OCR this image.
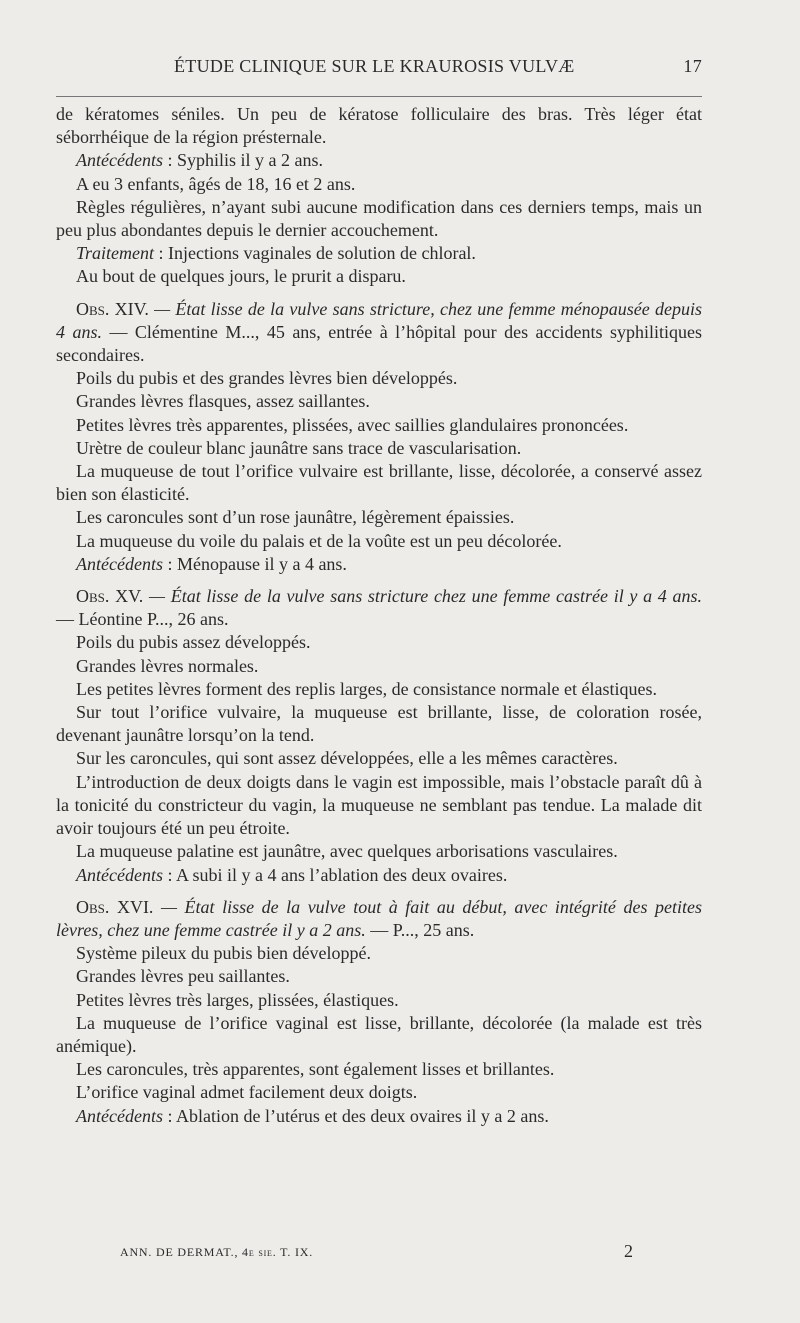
ÉTUDE CLINIQUE SUR LE KRAUROSIS VULVÆ	17

de kératomes séniles. Un peu de kératose folliculaire des bras. Très léger état séborrhéique de la région présternale.

Antécédents : Syphilis il y a 2 ans.

A eu 3 enfants, âgés de 18, 16 et 2 ans.

Règles régulières, n’ayant subi aucune modification dans ces derniers temps, mais un peu plus abondantes depuis le dernier accouchement.

Traitement : Injections vaginales de solution de chloral.

Au bout de quelques jours, le prurit a disparu.

Obs. XIV. — État lisse de la vulve sans stricture, chez une femme ménopausée depuis 4 ans. — Clémentine M..., 45 ans, entrée à l’hôpital pour des accidents syphilitiques secondaires.

Poils du pubis et des grandes lèvres bien développés.

Grandes lèvres flasques, assez saillantes.

Petites lèvres très apparentes, plissées, avec saillies glandulaires prononcées.

Urètre de couleur blanc jaunâtre sans trace de vascularisation.

La muqueuse de tout l’orifice vulvaire est brillante, lisse, décolorée, a conservé assez bien son élasticité.

Les caroncules sont d’un rose jaunâtre, légèrement épaissies.

La muqueuse du voile du palais et de la voûte est un peu décolorée.

Antécédents : Ménopause il y a 4 ans.

Obs. XV. — État lisse de la vulve sans stricture chez une femme castrée il y a 4 ans. — Léontine P..., 26 ans.

Poils du pubis assez développés.

Grandes lèvres normales.

Les petites lèvres forment des replis larges, de consistance normale et élastiques.

Sur tout l’orifice vulvaire, la muqueuse est brillante, lisse, de coloration rosée, devenant jaunâtre lorsqu’on la tend.

Sur les caroncules, qui sont assez développées, elle a les mêmes caractères.

L’introduction de deux doigts dans le vagin est impossible, mais l’obstacle paraît dû à la tonicité du constricteur du vagin, la muqueuse ne semblant pas tendue. La malade dit avoir toujours été un peu étroite.

La muqueuse palatine est jaunâtre, avec quelques arborisations vasculaires.

Antécédents : A subi il y a 4 ans l’ablation des deux ovaires.

Obs. XVI. — État lisse de la vulve tout à fait au début, avec intégrité des petites lèvres, chez une femme castrée il y a 2 ans. — P..., 25 ans.

Système pileux du pubis bien développé.

Grandes lèvres peu saillantes.

Petites lèvres très larges, plissées, élastiques.

La muqueuse de l’orifice vaginal est lisse, brillante, décolorée (la malade est très anémique).

Les caroncules, très apparentes, sont également lisses et brillantes.

L’orifice vaginal admet facilement deux doigts.

Antécédents : Ablation de l’utérus et des deux ovaires il y a 2 ans.

ANN. DE DERMAT., 4e sie. T. IX.	2
